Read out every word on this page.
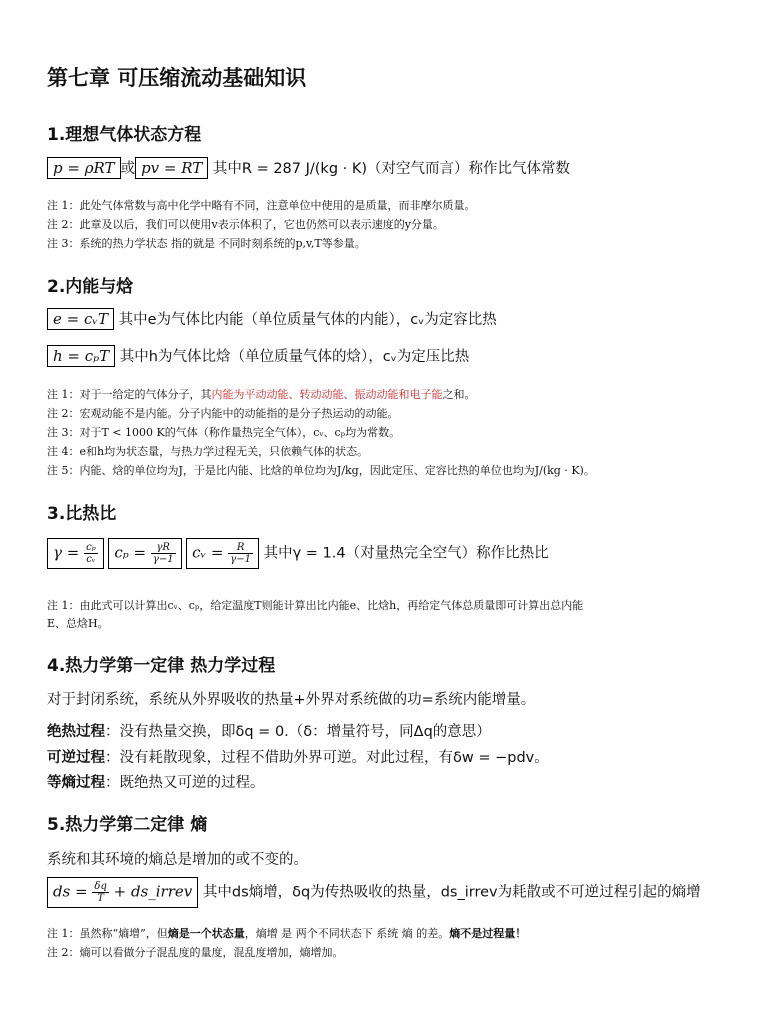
第七章 可压缩流动基础知识
1.理想气体状态方程
p = ρRT 或 pv = RT 其中R = 287 J/(kg · K)（对空气而言）称作比气体常数
注 1：此处气体常数与高中化学中略有不同，注意单位中使用的是质量，而非摩尔质量。
注 2：此章及以后，我们可以使用v表示体积了，它也仍然可以表示速度的y分量。
注 3：系统的热力学状态 指的就是 不同时刻系统的p,v,T等参量。
2.内能与焓
e = cᵥT 其中e为气体比内能（单位质量气体的内能），cᵥ为定容比热
h = cₚT 其中h为气体比焓（单位质量气体的焓），cᵥ为定压比热
注 1：对于一给定的气体分子，其内能为平动动能、转动动能、振动动能和电子能之和。
注 2：宏观动能不是内能。分子内能中的动能指的是分子热运动的动能。
注 3：对于T < 1000 K的气体（称作量热完全气体），cᵥ、cₚ均为常数。
注 4：e和h均为状态量，与热力学过程无关，只依赖气体的状态。
注 5：内能、焓的单位均为J，于是比内能、比焓的单位均为J/kg，因此定压、定容比热的单位也均为J/(kg · K)。
3.比热比
$\gamma = \frac{\text{cₚ}}{\text{cᵥ}}$ $c_p = \frac{\gamma R}{\gamma-1}$ cᵥ = $\frac{R}{\gamma-1}$ 其中γ = 1.4（对量热完全空气）称作比热比
注 1：由此式可以计算出cᵥ、cₚ，给定温度T则能计算出比内能e、比焓h，再给定气体总质量即可计算出总内能
E、总焓H。
4.热力学第一定律 热力学过程
对于封闭系统，系统从外界吸收的热量+外界对系统做的功=系统内能增量。
绝热过程：没有热量交换，即δq = 0.（δ：增量符号，同Δq的意思）
可逆过程：没有耗散现象，过程不借助外界可逆。对此过程，有δw = −pdv。
等熵过程：既绝热又可逆的过程。
5.热力学第二定律 熵
系统和其环境的熵总是增加的或不变的。
ds = $\frac{\delta q}{T}$ + ds_irrev 其中ds熵增，δq为传热吸收的热量，ds_irrev为耗散或不可逆过程引起的熵增
注 1：虽然称“熵增”，但熵是一个状态量，熵增 是 两个不同状态下 系统 熵 的差。熵不是过程量！
注 2：熵可以看做分子混乱度的量度，混乱度增加，熵增加。
